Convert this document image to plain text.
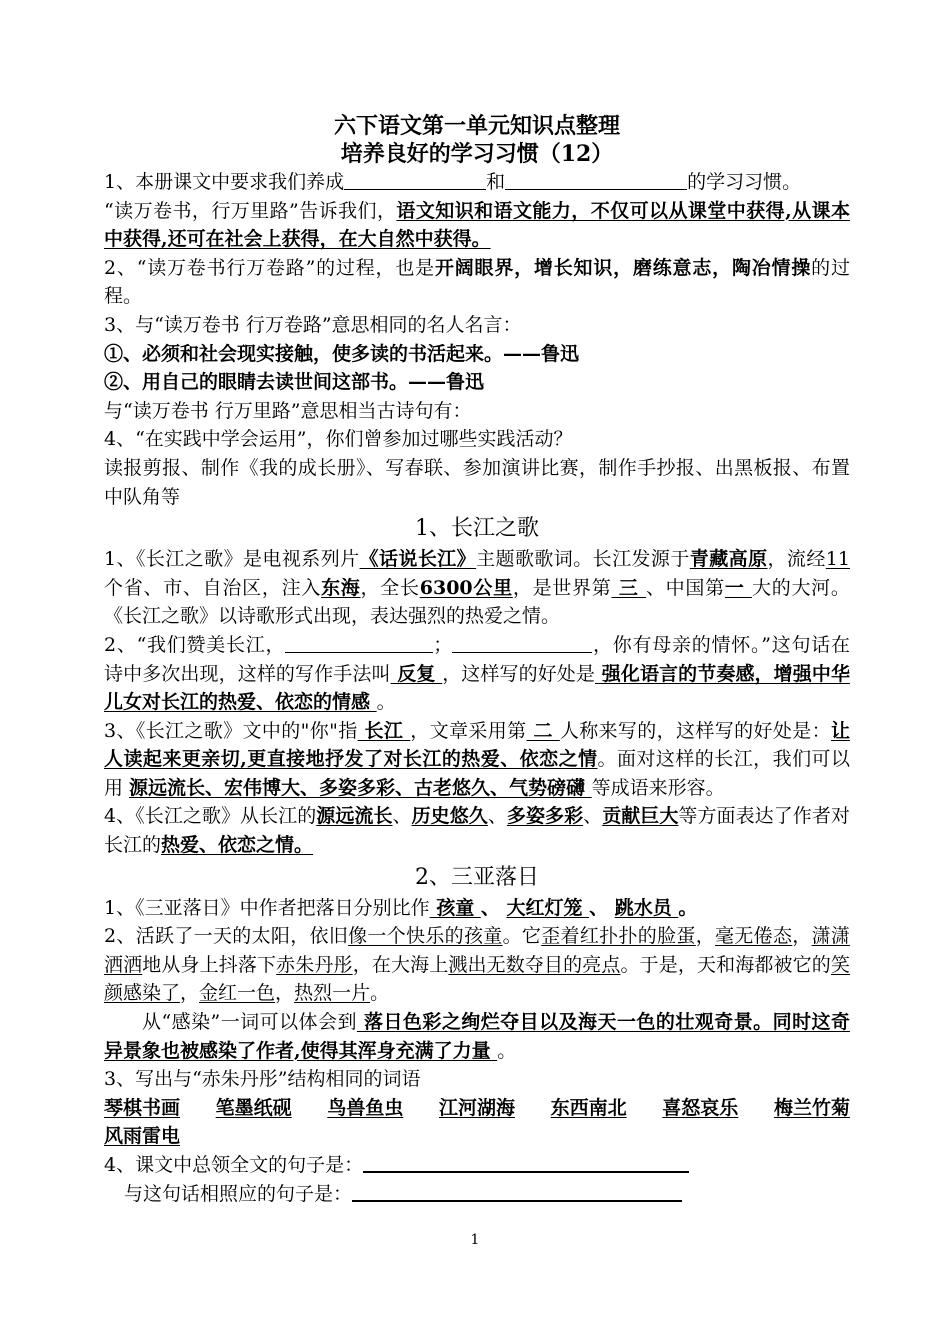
六下语文第一单元知识点整理
培养良好的学习习惯（12）

1、本册课文中要求我们养成	和	的学习习惯。

“读万卷书，行万里路”告诉我们，语文知识和语文能力，不仅可以从课堂中获得,从课本中获得,还可在社会上获得，在大自然中获得。

2、“读万卷书行万卷路”的过程，也是开阔眼界，增长知识，磨练意志，陶冶情操的过程。

3、与“读万卷书 行万卷路”意思相同的名人名言：

①、必须和社会现实接触，使多读的书活起来。——鲁迅

②、用自己的眼睛去读世间这部书。——鲁迅

与“读万卷书 行万里路”意思相当古诗句有：

4、“在实践中学会运用”，你们曾参加过哪些实践活动？

读报剪报、制作《我的成长册》、写春联、参加演讲比赛，制作手抄报、出黑板报、布置中队角等

1、长江之歌

1、《长江之歌》是电视系列片《话说长江》主题歌歌词。长江发源于青藏高原，流经11个省、市、自治区，注入东海，全长6300公里，是世界第 三 、中国第一 大的大河。《长江之歌》以诗歌形式出现，表达强烈的热爱之情。

2、“我们赞美长江，	；	，你有母亲的情怀。”这句话在诗中多次出现，这样的写作手法叫 反复 ，这样写的好处是 强化语言的节奏感，增强中华儿女对长江的热爱、依恋的情感 。

3、《长江之歌》文中的"你"指 长江 ，文章采用第 二 人称来写的，这样写的好处是：让人读起来更亲切,更直接地抒发了对长江的热爱、依恋之情。面对这样的长江，我们可以用 源远流长、宏伟博大、多姿多彩、古老悠久、气势磅礴 等成语来形容。

4、《长江之歌》从长江的源远流长、历史悠久、多姿多彩、贡献巨大等方面表达了作者对长江的热爱、依恋之情。

2、三亚落日

1、《三亚落日》中作者把落日分别比作 孩童 、 大红灯笼 、 跳水员 。

2、活跃了一天的太阳，依旧像一个快乐的孩童。它歪着红扑扑的脸蛋，毫无倦态，潇潇洒洒地从身上抖落下赤朱丹彤，在大海上溅出无数夺目的亮点。于是，天和海都被它的笑颜感染了，金红一色，热烈一片。

从“感染”一词可以体会到 落日色彩之绚烂夺目以及海天一色的壮观奇景。同时这奇异景象也被感染了作者,使得其浑身充满了力量 。

3、写出与“赤朱丹彤”结构相同的词语

琴棋书画 笔墨纸砚 鸟兽鱼虫 江河湖海 东西南北 喜怒哀乐 梅兰竹菊

风雨雷电

4、课文中总领全文的句子是：

与这句话相照应的句子是：

1
